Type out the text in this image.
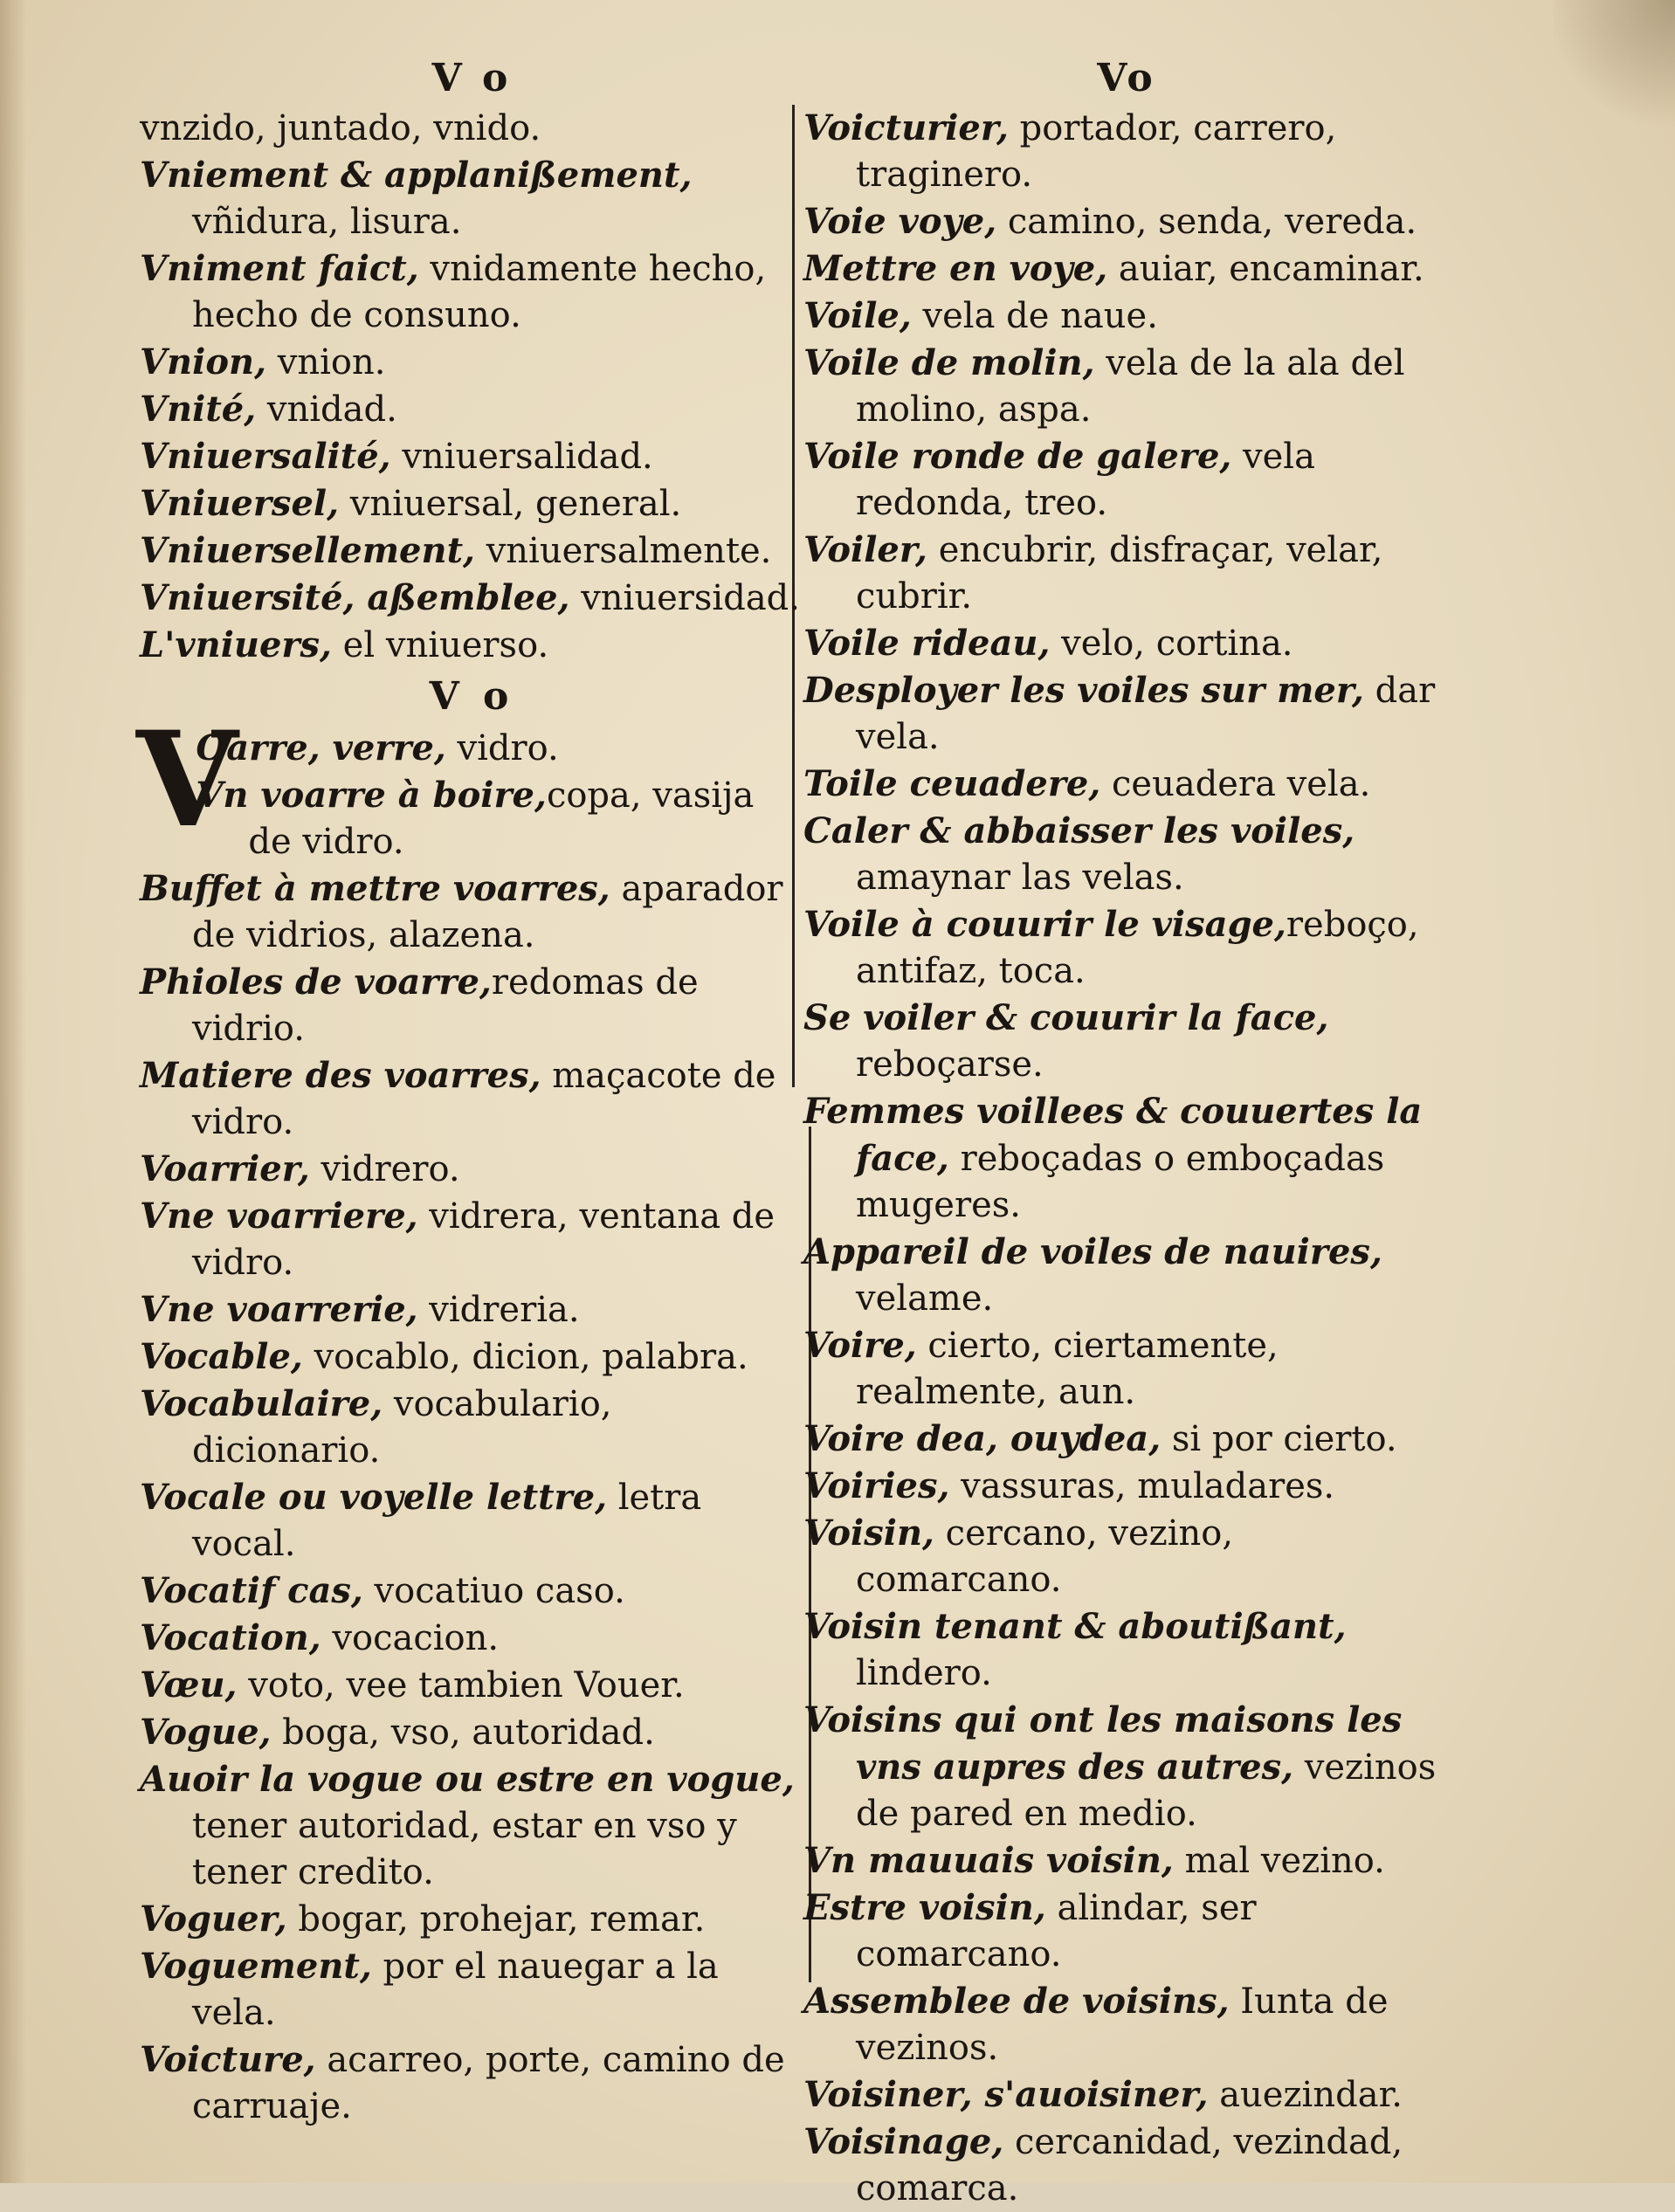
V o

vnzido, juntado, vnido.

Vniement & applanißement, vñidura, lisura.

Vniment faict, vnidamente hecho, hecho de consuno.

Vnion, vnion.

Vnité, vnidad.

Vniuersalité, vniuersalidad.

Vniuersel, vniuersal, general.

Vniuersellement, vniuersalmente.

Vniuersité, aßemblee, vniuersidad.

L'vniuers, el vniuerso.

V o
V

Oarre, verre, vidro.

Vn voarre à boire,copa, vasija de vidro.

Buffet à mettre voarres, aparador de vidrios, alazena.

Phioles de voarre,redomas de vidrio.

Matiere des voarres, maçacote de vidro.

Voarrier, vidrero.

Vne voarriere, vidrera, ventana de vidro.

Vne voarrerie, vidreria.

Vocable, vocablo, dicion, palabra.

Vocabulaire, vocabulario, dicionario.

Vocale ou voyelle lettre, letra vocal.

Vocatif cas, vocatiuo caso.

Vocation, vocacion.

Vœu, voto, vee tambien Vouer.

Vogue, boga, vso, autoridad.

Auoir la vogue ou estre en vogue, tener autoridad, estar en vso y tener credito.

Voguer, bogar, prohejar, remar.

Voguement, por el nauegar a la vela.

Voicture, acarreo, porte, camino de carruaje.

Vo

Voicturier, portador, carrero, traginero.

Voie voye, camino, senda, vereda.

Mettre en voye, auiar, encaminar.

Voile, vela de naue.

Voile de molin, vela de la ala del molino, aspa.

Voile ronde de galere, vela redonda, treo.

Voiler, encubrir, disfraçar, velar, cubrir.

Voile rideau, velo, cortina.

Desployer les voiles sur mer, dar vela.

Toile ceuadere, ceuadera vela.

Caler & abbaisser les voiles, amaynar las velas.

Voile à couurir le visage,reboço, antifaz, toca.

Se voiler & couurir la face, reboçarse.

Femmes voillees & couuertes la face, reboçadas o emboçadas mugeres.

Appareil de voiles de nauires, velame.

Voire, cierto, ciertamente, realmente, aun.

Voire dea, ouydea, si por cierto.

Voiries, vassuras, muladares.

Voisin, cercano, vezino, comarcano.

Voisin tenant & aboutißant, lindero.

Voisins qui ont les maisons les vns aupres des autres, vezinos de pared en medio.

Vn mauuais voisin, mal vezino.

Estre voisin, alindar, ser comarcano.

Assemblee de voisins, Iunta de vezinos.

Voisiner, s'auoisiner, auezindar.

Voisinage, cercanidad, vezindad, comarca.
